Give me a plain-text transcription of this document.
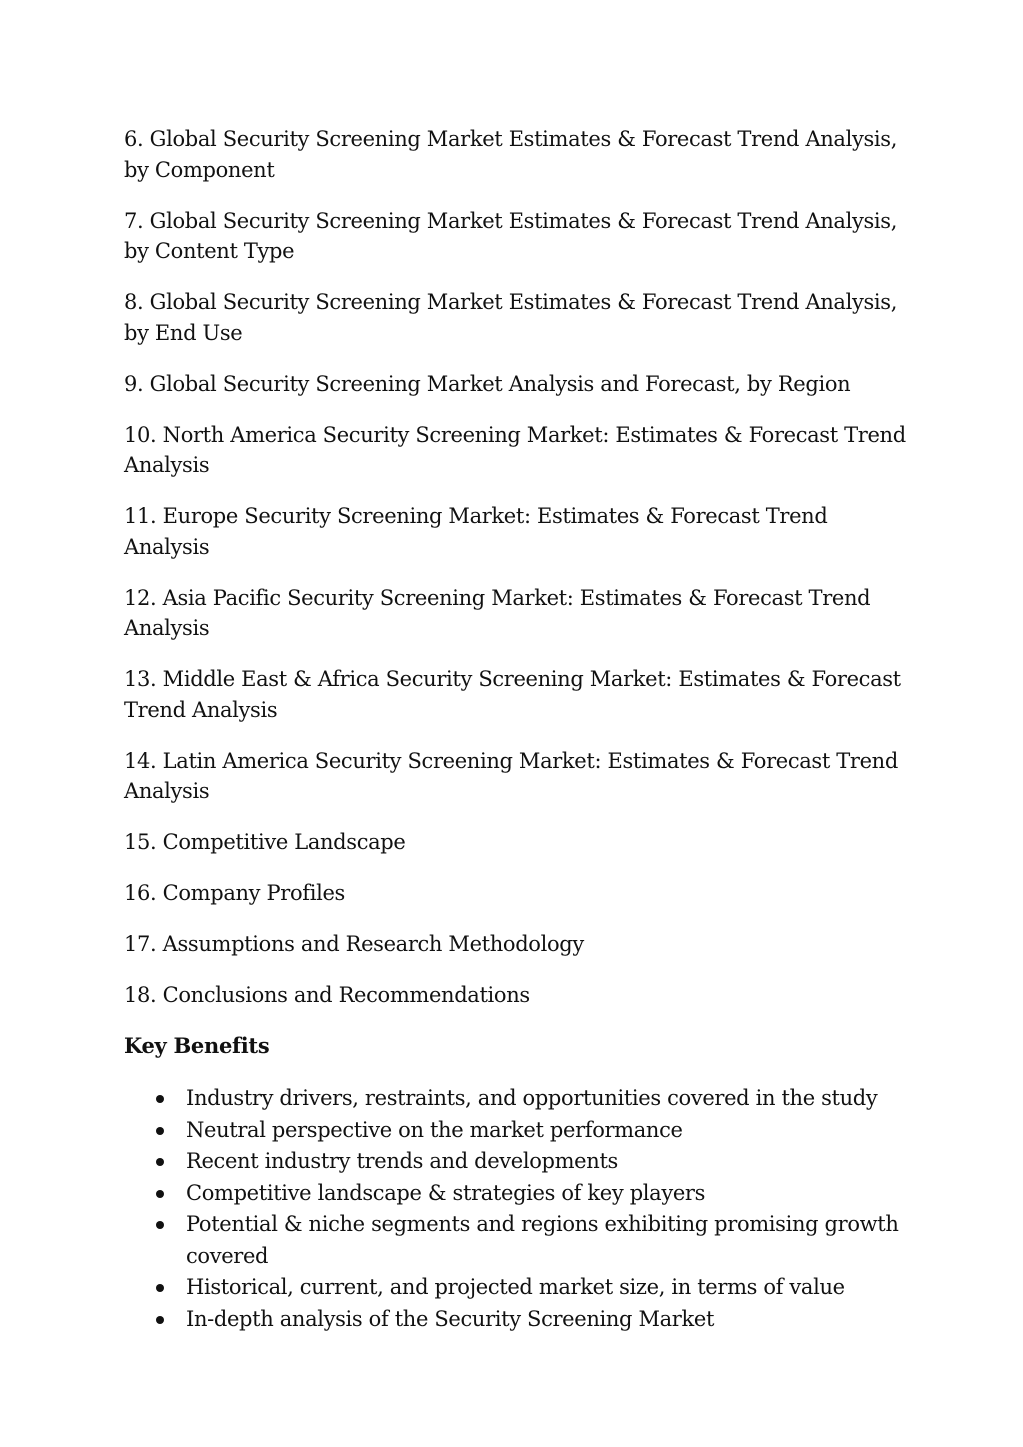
6. Global Security Screening Market Estimates & Forecast Trend Analysis, by Component

7. Global Security Screening Market Estimates & Forecast Trend Analysis, by Content Type

8. Global Security Screening Market Estimates & Forecast Trend Analysis, by End Use

9. Global Security Screening Market Analysis and Forecast, by Region

10. North America Security Screening Market: Estimates & Forecast Trend Analysis

11. Europe Security Screening Market: Estimates & Forecast Trend Analysis

12. Asia Pacific Security Screening Market: Estimates & Forecast Trend Analysis

13. Middle East & Africa Security Screening Market: Estimates & Forecast Trend Analysis

14. Latin America Security Screening Market: Estimates & Forecast Trend Analysis

15. Competitive Landscape

16. Company Profiles

17. Assumptions and Research Methodology

18. Conclusions and Recommendations

Key Benefits
Industry drivers, restraints, and opportunities covered in the study
Neutral perspective on the market performance
Recent industry trends and developments
Competitive landscape & strategies of key players
Potential & niche segments and regions exhibiting promising growth covered
Historical, current, and projected market size, in terms of value
In-depth analysis of the Security Screening Market
